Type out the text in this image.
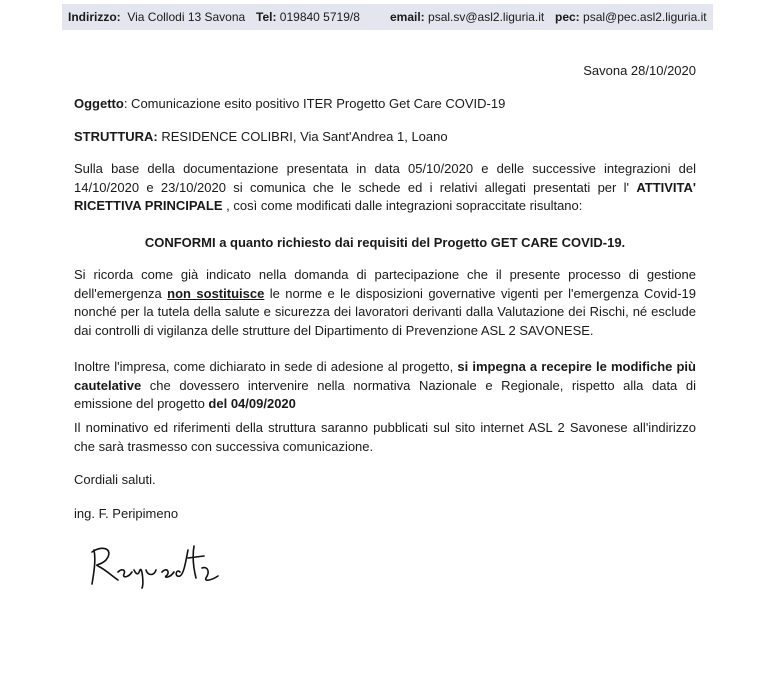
Indirizzo: Via Collodi 13 Savona Tel: 019840 5719/8	email: psal.sv@asl2.liguria.it pec: psal@pec.asl2.liguria.it
Savona 28/10/2020
Oggetto: Comunicazione esito positivo ITER Progetto Get Care COVID-19
STRUTTURA: RESIDENCE COLIBRI, Via Sant'Andrea 1, Loano
Sulla base della documentazione presentata in data 05/10/2020 e delle successive integrazioni del 14/10/2020 e 23/10/2020 si comunica che le schede ed i relativi allegati presentati per l' ATTIVITA' RICETTIVA PRINCIPALE , così come modificati dalle integrazioni sopraccitate risultano:
CONFORMI a quanto richiesto dai requisiti del Progetto GET CARE COVID-19.
Si ricorda come già indicato nella domanda di partecipazione che il presente processo di gestione dell'emergenza non sostituisce le norme e le disposizioni governative vigenti per l'emergenza Covid-19 nonché per la tutela della salute e sicurezza dei lavoratori derivanti dalla Valutazione dei Rischi, né esclude dai controlli di vigilanza delle strutture del Dipartimento di Prevenzione ASL 2 SAVONESE.
Inoltre l'impresa, come dichiarato in sede di adesione al progetto, si impegna a recepire le modifiche più cautelative che dovessero intervenire nella normativa Nazionale e Regionale, rispetto alla data di emissione del progetto del 04/09/2020
Il nominativo ed riferimenti della struttura saranno pubblicati sul sito internet ASL 2 Savonese all'indirizzo che sarà trasmesso con successiva comunicazione.
Cordiali saluti.
ing. F. Peripimeno
